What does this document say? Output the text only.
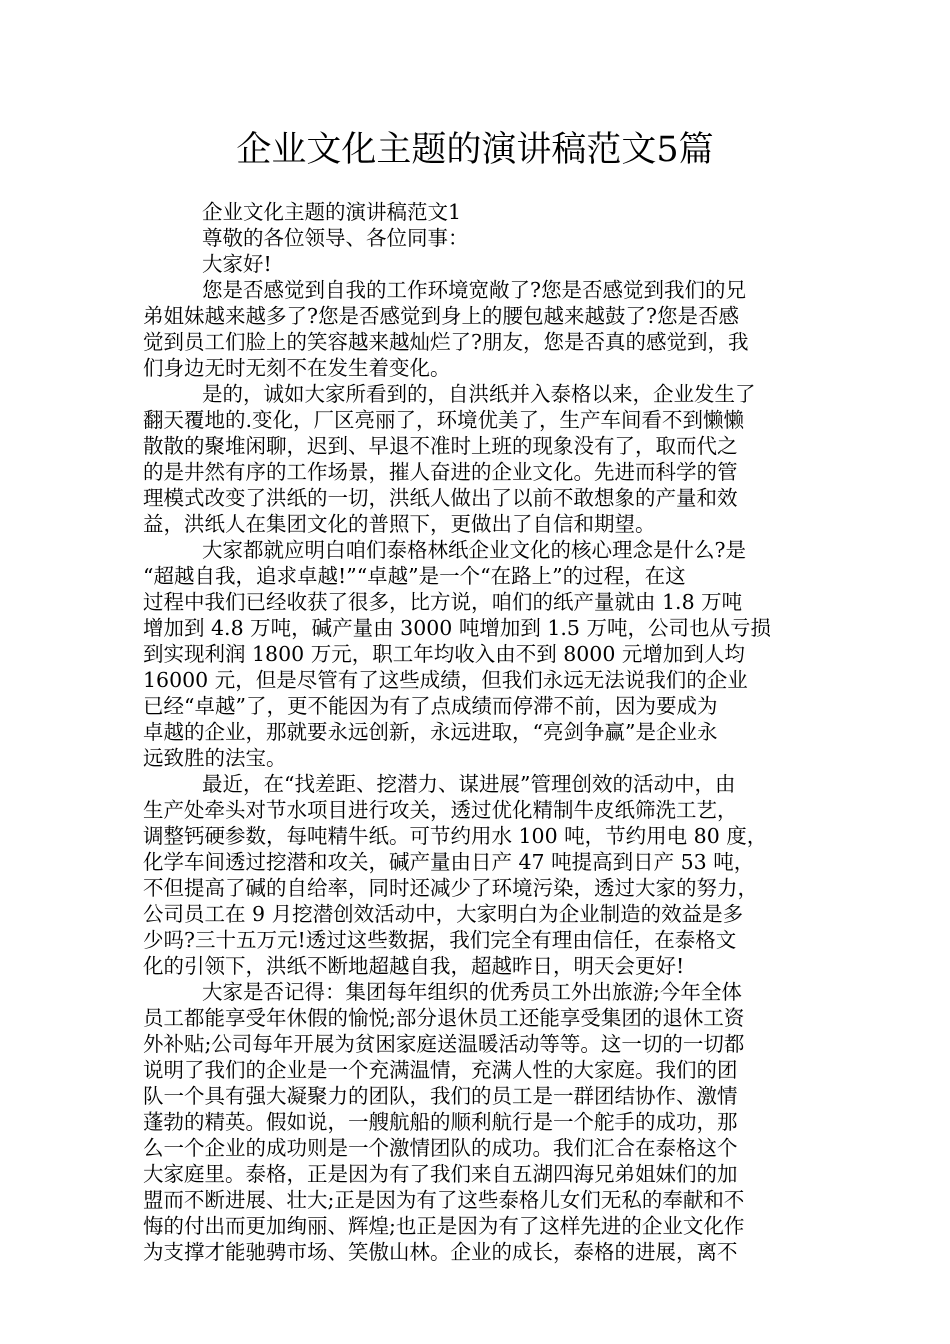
企业文化主题的演讲稿范文5篇
企业文化主题的演讲稿范文1
尊敬的各位领导、各位同事：
大家好!
您是否感觉到自我的工作环境宽敞了?您是否感觉到我们的兄
弟姐妹越来越多了?您是否感觉到身上的腰包越来越鼓了?您是否感
觉到员工们脸上的笑容越来越灿烂了?朋友，您是否真的感觉到，我
们身边无时无刻不在发生着变化。
是的，诚如大家所看到的，自洪纸并入泰格以来，企业发生了
翻天覆地的.变化，厂区亮丽了，环境优美了，生产车间看不到懒懒
散散的聚堆闲聊，迟到、早退不准时上班的现象没有了，取而代之
的是井然有序的工作场景，摧人奋进的企业文化。先进而科学的管
理模式改变了洪纸的一切，洪纸人做出了以前不敢想象的产量和效
益，洪纸人在集团文化的普照下，更做出了自信和期望。
大家都就应明白咱们泰格林纸企业文化的核心理念是什么?是
“超越自我，追求卓越!”“卓越”是一个“在路上”的过程，在这
过程中我们已经收获了很多，比方说，咱们的纸产量就由 1.8 万吨
增加到 4.8 万吨，碱产量由 3000 吨增加到 1.5 万吨，公司也从亏损
到实现利润 1800 万元，职工年均收入由不到 8000 元增加到人均
16000 元，但是尽管有了这些成绩，但我们永远无法说我们的企业
已经“卓越”了，更不能因为有了点成绩而停滞不前，因为要成为
卓越的企业，那就要永远创新，永远进取，“亮剑争赢”是企业永
远致胜的法宝。
最近，在“找差距、挖潜力、谋进展”管理创效的活动中，由
生产处牵头对节水项目进行攻关，透过优化精制牛皮纸筛洗工艺，
调整钙硬参数，每吨精牛纸。可节约用水 100 吨，节约用电 80 度，
化学车间透过挖潜和攻关，碱产量由日产 47 吨提高到日产 53 吨，
不但提高了碱的自给率，同时还减少了环境污染，透过大家的努力，
公司员工在 9 月挖潜创效活动中，大家明白为企业制造的效益是多
少吗?三十五万元!透过这些数据，我们完全有理由信任，在泰格文
化的引领下，洪纸不断地超越自我，超越昨日，明天会更好!
大家是否记得：集团每年组织的优秀员工外出旅游;今年全体
员工都能享受年休假的愉悦;部分退休员工还能享受集团的退休工资
外补贴;公司每年开展为贫困家庭送温暖活动等等。这一切的一切都
说明了我们的企业是一个充满温情，充满人性的大家庭。我们的团
队一个具有强大凝聚力的团队，我们的员工是一群团结协作、激情
蓬勃的精英。假如说，一艘航船的顺利航行是一个舵手的成功，那
么一个企业的成功则是一个激情团队的成功。我们汇合在泰格这个
大家庭里。泰格，正是因为有了我们来自五湖四海兄弟姐妹们的加
盟而不断进展、壮大;正是因为有了这些泰格儿女们无私的奉献和不
悔的付出而更加绚丽、辉煌;也正是因为有了这样先进的企业文化作
为支撑才能驰骋市场、笑傲山林。企业的成长，泰格的进展，离不
